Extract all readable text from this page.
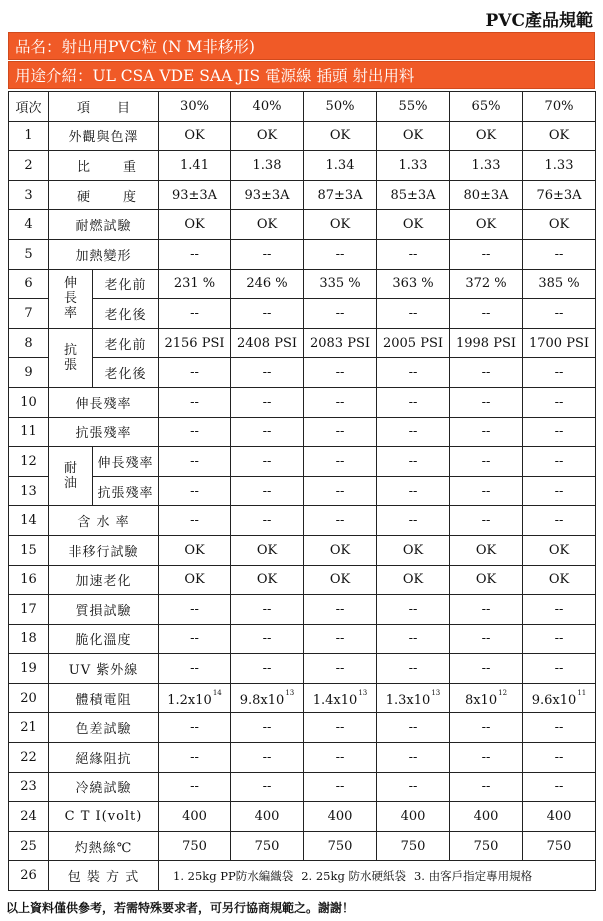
PVC產品規範
品名：射出用PVC粒 (N M非移形)
用途介紹：UL CSA VDE SAA JIS 電源線 插頭 射出用料
項次	項 目		30%	40%	50%	55%	65%	70%
1	外觀與色澤		OK	OK	OK	OK	OK	OK
2	比 重		1.41	1.38	1.34	1.33	1.33	1.33
3	硬 度		93±3A	93±3A	87±3A	85±3A	80±3A	76±3A
4	耐燃試驗		OK	OK	OK	OK	OK	OK
5	加熱變形		--	--	--	--	--	--
6	伸長率	老化前	231 %	246 %	335 %	363 %	372 %	385 %
7		老化後	--	--	--	--	--	--
8	抗張	老化前	2156 PSI	2408 PSI	2083 PSI	2005 PSI	1998 PSI	1700 PSI
9		老化後	--	--	--	--	--	--
10	伸長殘率		--	--	--	--	--	--
11	抗張殘率		--	--	--	--	--	--
12	耐油	伸長殘率	--	--	--	--	--	--
13		抗張殘率	--	--	--	--	--	--
14	含 水 率		--	--	--	--	--	--
15	非移行試驗		OK	OK	OK	OK	OK	OK
16	加速老化		OK	OK	OK	OK	OK	OK
17	質損試驗		--	--	--	--	--	--
18	脆化溫度		--	--	--	--	--	--
19	UV 紫外線		--	--	--	--	--	--
20	體積電阻		$1.2x10^{14}$	$9.8x10^{13}$	$1.4x10^{13}$	$1.3x10^{13}$	$8x10^{12}$	$9.6x10^{11}$
21	色差試驗		--	--	--	--	--	--
22	絕緣阻抗		--	--	--	--	--	--
23	冷繞試驗		--	--	--	--	--	--
24	C T I(volt)		400	400	400	400	400	400
25	灼熱絲℃		750	750	750	750	750	750
26	包 裝 方 式		1. 25kg PP防水編織袋 2. 25kg 防水硬紙袋 3. 由客戶指定專用規格					
以上資料僅供參考，若需特殊要求者，可另行協商規範之。謝謝！
